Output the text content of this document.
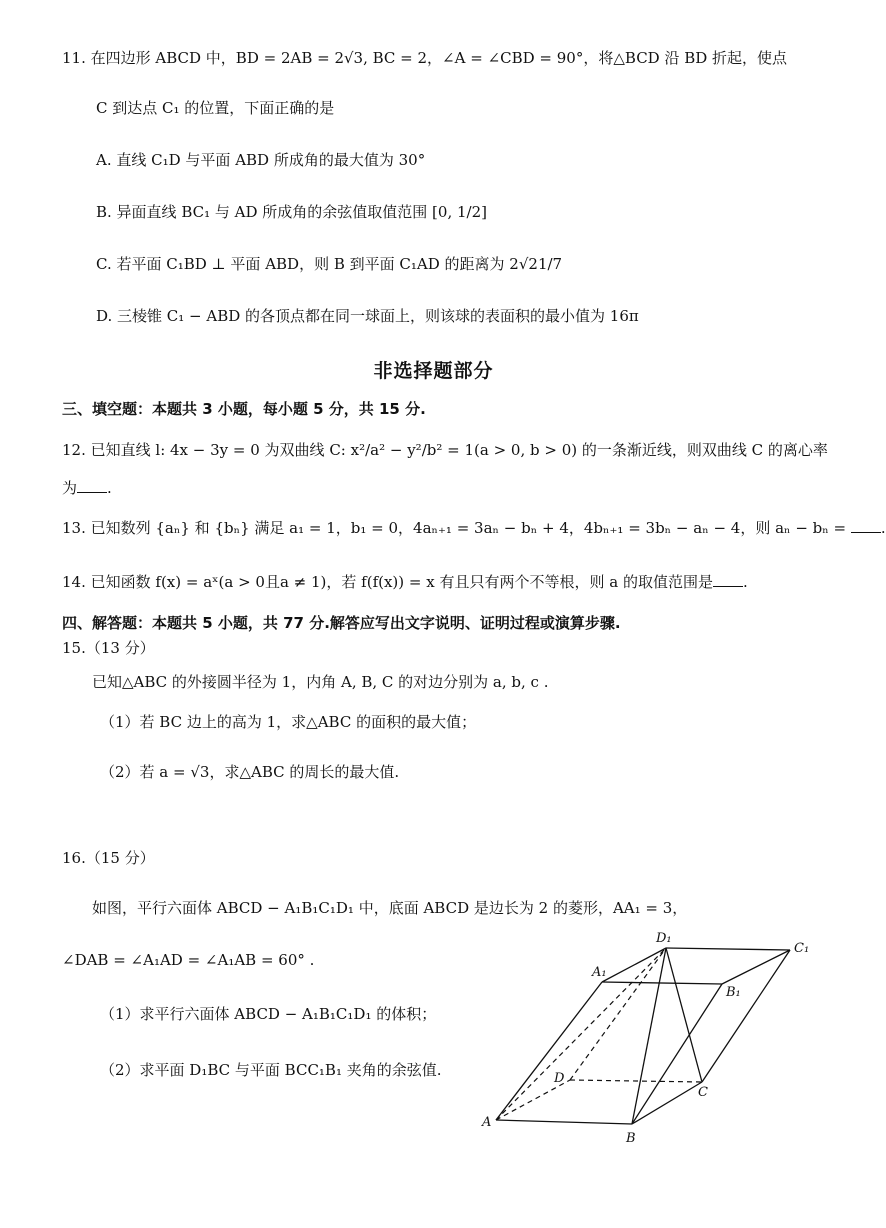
11. 在四边形 ABCD 中，BD = 2AB = 2√3, BC = 2，∠A = ∠CBD = 90°，将△BCD 沿 BD 折起，使点
C 到达点 C₁ 的位置，下面正确的是
A. 直线 C₁D 与平面 ABD 所成角的最大值为 30°
B. 异面直线 BC₁ 与 AD 所成角的余弦值取值范围 [0, 1/2]
C. 若平面 C₁BD ⊥ 平面 ABD，则 B 到平面 C₁AD 的距离为 2√21/7
D. 三棱锥 C₁ − ABD 的各顶点都在同一球面上，则该球的表面积的最小值为 16π
非选择题部分
三、填空题：本题共 3 小题，每小题 5 分，共 15 分.
12. 已知直线 l: 4x − 3y = 0 为双曲线 C: x²/a² − y²/b² = 1(a > 0, b > 0) 的一条渐近线，则双曲线 C 的离心率
为 .
13. 已知数列 {aₙ} 和 {bₙ} 满足 a₁ = 1，b₁ = 0，4aₙ₊₁ = 3aₙ − bₙ + 4，4bₙ₊₁ = 3bₙ − aₙ − 4，则 aₙ − bₙ = .
14. 已知函数 f(x) = aˣ(a > 0且a ≠ 1)，若 f(f(x)) = x 有且只有两个不等根，则 a 的取值范围是 .
四、解答题：本题共 5 小题，共 77 分.解答应写出文字说明、证明过程或演算步骤.
15.（13 分）
已知△ABC 的外接圆半径为 1，内角 A, B, C 的对边分别为 a, b, c .
（1）若 BC 边上的高为 1，求△ABC 的面积的最大值；
（2）若 a = √3，求△ABC 的周长的最大值.
16.（15 分）
如图，平行六面体 ABCD − A₁B₁C₁D₁ 中，底面 ABCD 是边长为 2 的菱形，AA₁ = 3，
∠DAB = ∠A₁AD = ∠A₁AB = 60° .
（1）求平行六面体 ABCD − A₁B₁C₁D₁ 的体积；
（2）求平面 D₁BC 与平面 BCC₁B₁ 夹角的余弦值.
A
B
C
D
A₁
B₁
C₁
D₁
